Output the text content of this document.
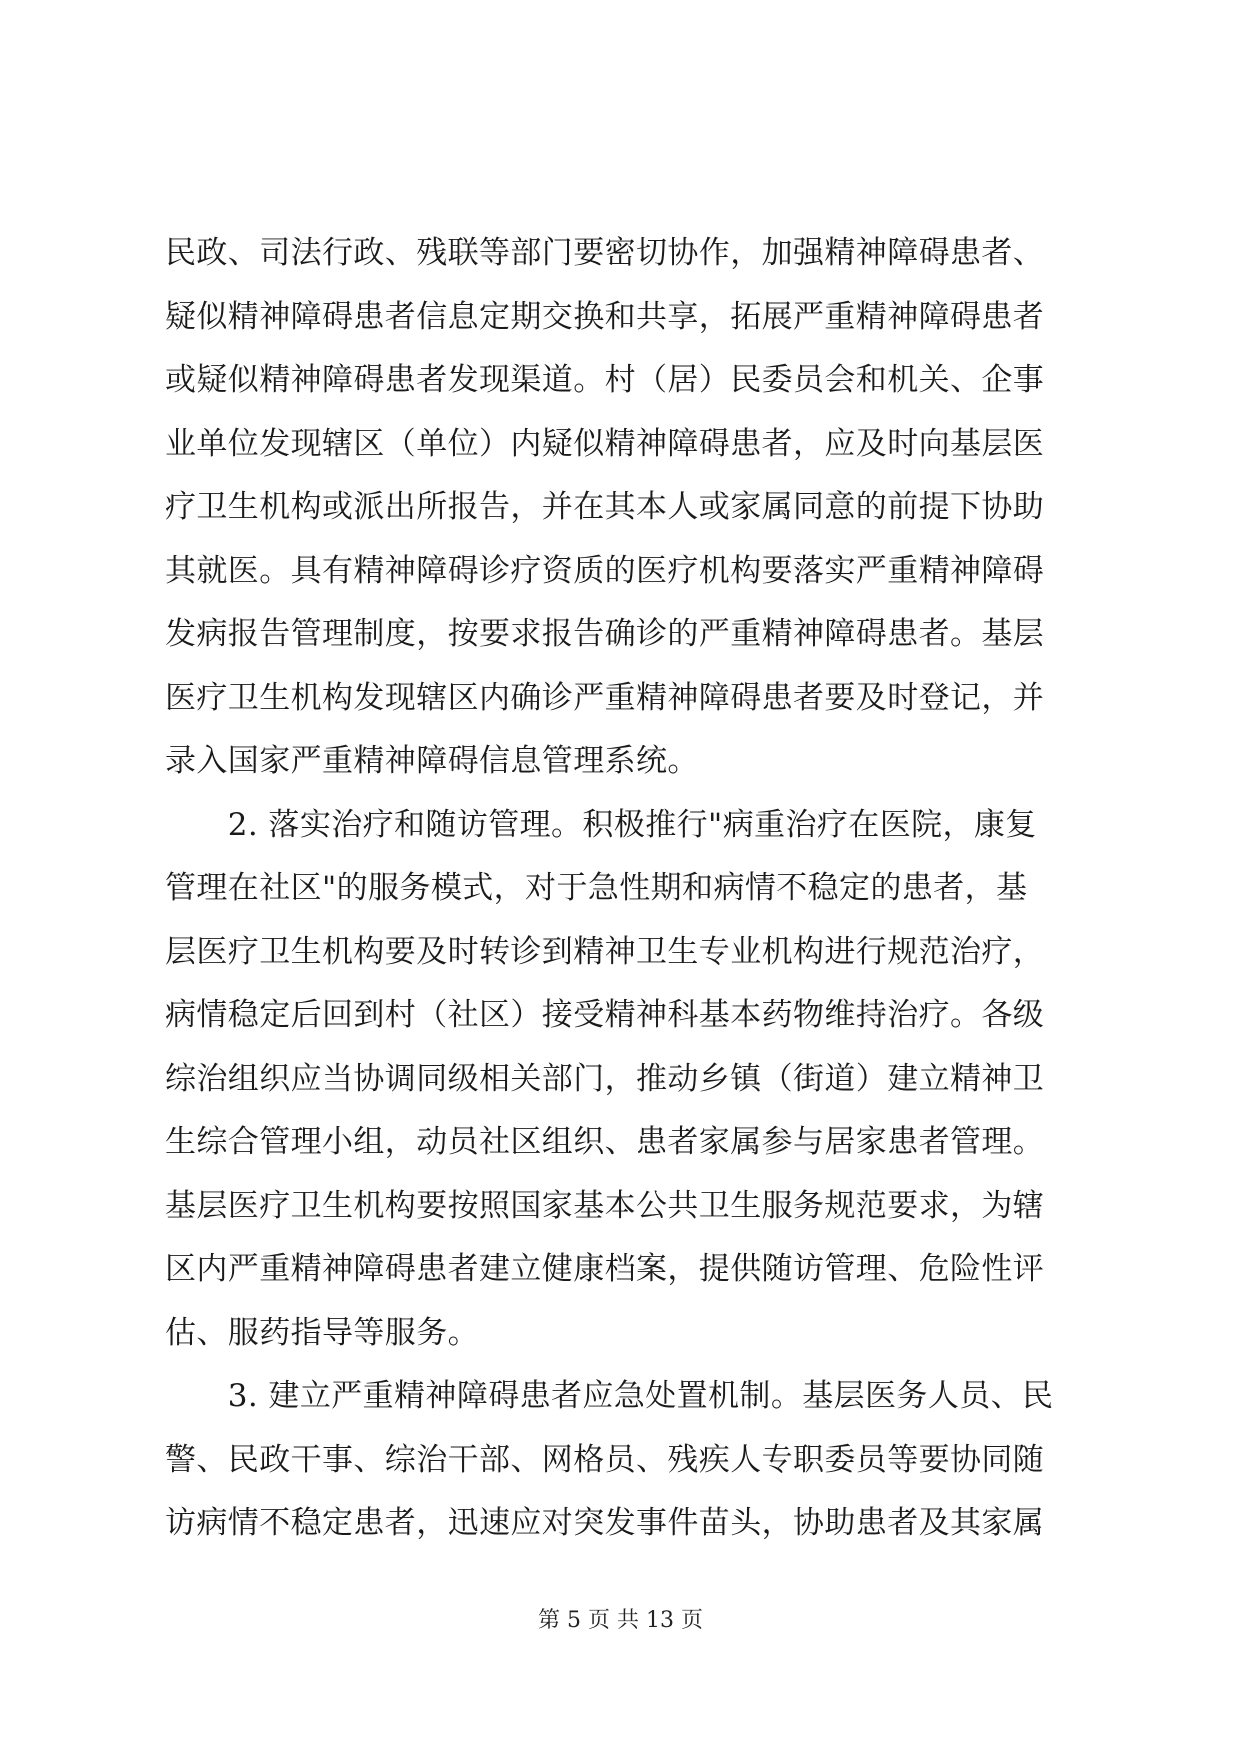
民政、司法行政、残联等部门要密切协作，加强精神障碍患者、
疑似精神障碍患者信息定期交换和共享，拓展严重精神障碍患者
或疑似精神障碍患者发现渠道。村（居）民委员会和机关、企事
业单位发现辖区（单位）内疑似精神障碍患者，应及时向基层医
疗卫生机构或派出所报告，并在其本人或家属同意的前提下协助
其就医。具有精神障碍诊疗资质的医疗机构要落实严重精神障碍
发病报告管理制度，按要求报告确诊的严重精神障碍患者。基层
医疗卫生机构发现辖区内确诊严重精神障碍患者要及时登记，并
录入国家严重精神障碍信息管理系统。
　　2. 落实治疗和随访管理。积极推行"病重治疗在医院，康复
管理在社区"的服务模式，对于急性期和病情不稳定的患者，基
层医疗卫生机构要及时转诊到精神卫生专业机构进行规范治疗，
病情稳定后回到村（社区）接受精神科基本药物维持治疗。各级
综治组织应当协调同级相关部门，推动乡镇（街道）建立精神卫
生综合管理小组，动员社区组织、患者家属参与居家患者管理。
基层医疗卫生机构要按照国家基本公共卫生服务规范要求，为辖
区内严重精神障碍患者建立健康档案，提供随访管理、危险性评
估、服药指导等服务。
　　3. 建立严重精神障碍患者应急处置机制。基层医务人员、民
警、民政干事、综治干部、网格员、残疾人专职委员等要协同随
访病情不稳定患者，迅速应对突发事件苗头，协助患者及其家属
第 5 页 共 13 页
